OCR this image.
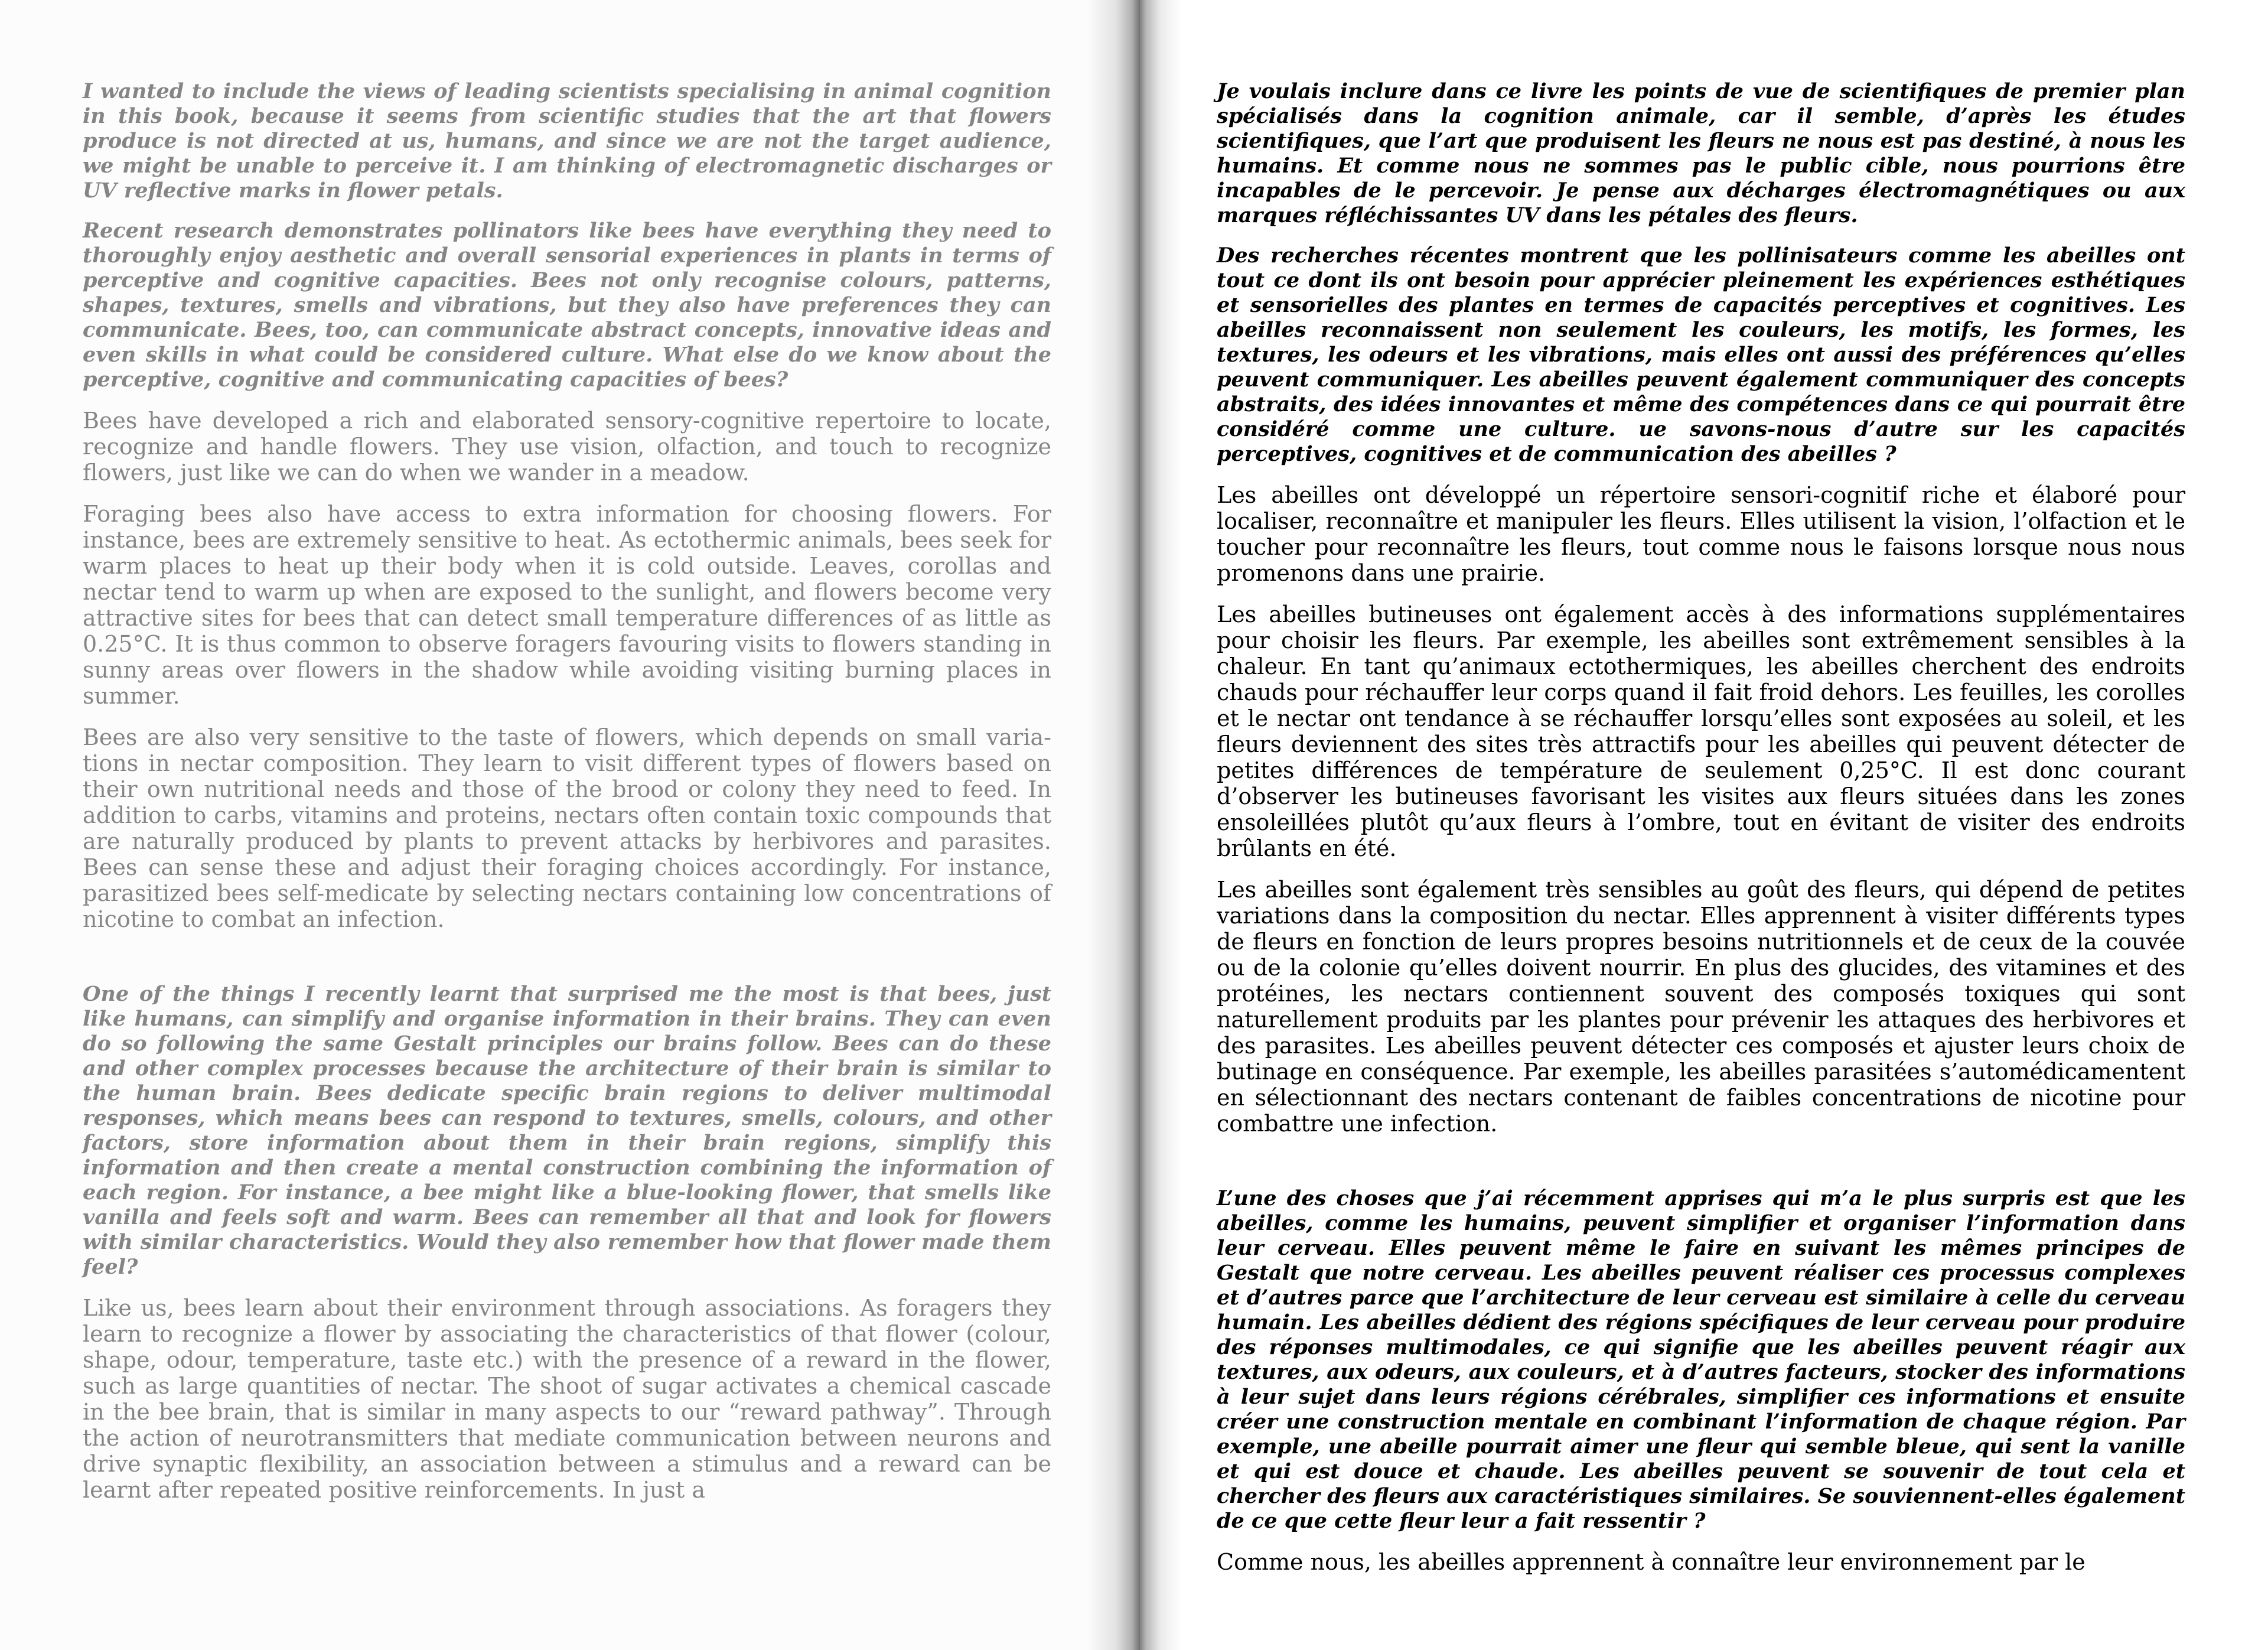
I wanted to include the views of leading scientists specialising in animal cognition in this book, because it seems from scientific studies that the art that flowers produce is not directed at us, humans, and since we are not the target audience, we might be unable to perceive it. I am thinking of electromagnetic discharges or UV reflective marks in flower petals.

Recent research demonstrates pollinators like bees have everything they need to thoroughly enjoy aesthetic and overall sensorial experiences in plants in terms of perceptive and cognitive capacities. Bees not only recognise colours, patterns, shapes, textures, smells and vibrations, but they also have preferences they can communicate. Bees, too, can communicate abstract concepts, innovative ideas and even skills in what could be considered culture. What else do we know about the perceptive, cognitive and communicating capacities of bees?

Bees have developed a rich and elaborated sensory-cognitive repertoire to locate, recognize and handle flowers. They use vision, olfaction, and touch to recognize flowers, just like we can do when we wander in a meadow.

Foraging bees also have access to extra information for choosing flowers. For instance, bees are extremely sensitive to heat. As ectothermic animals, bees seek for warm places to heat up their body when it is cold outside. Leaves, corollas and nectar tend to warm up when are exposed to the sunlight, and flowers become very attractive sites for bees that can detect small temperature differences of as little as 0.25°C. It is thus common to observe foragers favouring visits to flowers standing in sunny areas over flowers in the shadow while avoiding visiting burning places in summer.

Bees are also very sensitive to the taste of flowers, which depends on small variations in nectar composition. They learn to visit different types of flowers based on their own nutritional needs and those of the brood or colony they need to feed. In addition to carbs, vitamins and proteins, nectars often contain toxic compounds that are naturally produced by plants to prevent attacks by herbivores and parasites. Bees can sense these and adjust their foraging choices accordingly. For instance, parasitized bees self-medicate by selecting nectars containing low concentrations of nicotine to combat an infection.

One of the things I recently learnt that surprised me the most is that bees, just like humans, can simplify and organise information in their brains. They can even do so following the same Gestalt principles our brains follow. Bees can do these and other complex processes because the architecture of their brain is similar to the human brain. Bees dedicate specific brain regions to deliver multimodal responses, which means bees can respond to textures, smells, colours, and other factors, store information about them in their brain regions, simplify this information and then create a mental construction combining the information of each region. For instance, a bee might like a blue-looking flower, that smells like vanilla and feels soft and warm. Bees can remember all that and look for flowers with similar characteristics. Would they also remember how that flower made them feel?

Like us, bees learn about their environment through associations. As foragers they learn to recognize a flower by associating the characteristics of that flower (colour, shape, odour, temperature, taste etc.) with the presence of a reward in the flower, such as large quantities of nectar. The shoot of sugar activates a chemical cascade in the bee brain, that is similar in many aspects to our “reward pathway”. Through the action of neurotransmitters that mediate communication between neurons and drive synaptic flexibility, an association between a stimulus and a reward can be learnt after repeated positive reinforcements. In just a

Je voulais inclure dans ce livre les points de vue de scientifiques de premier plan spécialisés dans la cognition animale, car il semble, d’après les études scientifiques, que l’art que produisent les fleurs ne nous est pas destiné, à nous les humains. Et comme nous ne sommes pas le public cible, nous pourrions être incapables de le percevoir. Je pense aux décharges électromagnétiques ou aux marques réfléchissantes UV dans les pétales des fleurs.

Des recherches récentes montrent que les pollinisateurs comme les abeilles ont tout ce dont ils ont besoin pour apprécier pleinement les expériences esthétiques et sensorielles des plantes en termes de capacités perceptives et cognitives. Les abeilles reconnaissent non seulement les couleurs, les motifs, les formes, les textures, les odeurs et les vibrations, mais elles ont aussi des préférences qu’elles peuvent communiquer. Les abeilles peuvent également communiquer des concepts abstraits, des idées innovantes et même des compétences dans ce qui pourrait être considéré comme une culture. ue savons-nous d’autre sur les capacités perceptives, cognitives et de communication des abeilles ?

Les abeilles ont développé un répertoire sensori-cognitif riche et élaboré pour localiser, reconnaître et manipuler les fleurs. Elles utilisent la vision, l’olfaction et le toucher pour reconnaître les fleurs, tout comme nous le faisons lorsque nous nous promenons dans une prairie.

Les abeilles butineuses ont également accès à des informations supplémentaires pour choisir les fleurs. Par exemple, les abeilles sont extrêmement sensibles à la chaleur. En tant qu’animaux ectothermiques, les abeilles cherchent des endroits chauds pour réchauffer leur corps quand il fait froid dehors. Les feuilles, les corolles et le nectar ont tendance à se réchauffer lorsqu’elles sont exposées au soleil, et les fleurs deviennent des sites très attractifs pour les abeilles qui peuvent détecter de petites différences de température de seulement 0,25°C. Il est donc courant d’observer les butineuses favorisant les visites aux fleurs situées dans les zones ensoleillées plutôt qu’aux fleurs à l’ombre, tout en évitant de visiter des endroits brûlants en été.

Les abeilles sont également très sensibles au goût des fleurs, qui dépend de petites variations dans la composition du nectar. Elles apprennent à visiter différents types de fleurs en fonction de leurs propres besoins nutritionnels et de ceux de la couvée ou de la colonie qu’elles doivent nourrir. En plus des glucides, des vitamines et des protéines, les nectars contiennent souvent des composés toxiques qui sont naturellement produits par les plantes pour prévenir les attaques des herbivores et des parasites. Les abeilles peuvent détecter ces composés et ajuster leurs choix de butinage en conséquence. Par exemple, les abeilles parasitées s’automédicamentent en sélectionnant des nectars contenant de faibles concentrations de nicotine pour combattre une infection.

L’une des choses que j’ai récemment apprises qui m’a le plus surpris est que les abeilles, comme les humains, peuvent simplifier et organiser l’information dans leur cerveau. Elles peuvent même le faire en suivant les mêmes principes de Gestalt que notre cerveau. Les abeilles peuvent réaliser ces processus complexes et d’autres parce que l’architecture de leur cerveau est similaire à celle du cerveau humain. Les abeilles dédient des régions spécifiques de leur cerveau pour produire des réponses multimodales, ce qui signifie que les abeilles peuvent réagir aux textures, aux odeurs, aux couleurs, et à d’autres facteurs, stocker des informations à leur sujet dans leurs régions cérébrales, simplifier ces informations et ensuite créer une construction mentale en combinant l’information de chaque région. Par exemple, une abeille pourrait aimer une fleur qui semble bleue, qui sent la vanille et qui est douce et chaude. Les abeilles peuvent se souvenir de tout cela et chercher des fleurs aux caractéristiques similaires. Se souviennent-elles également de ce que cette fleur leur a fait ressentir ?

Comme nous, les abeilles apprennent à connaître leur environnement par le
